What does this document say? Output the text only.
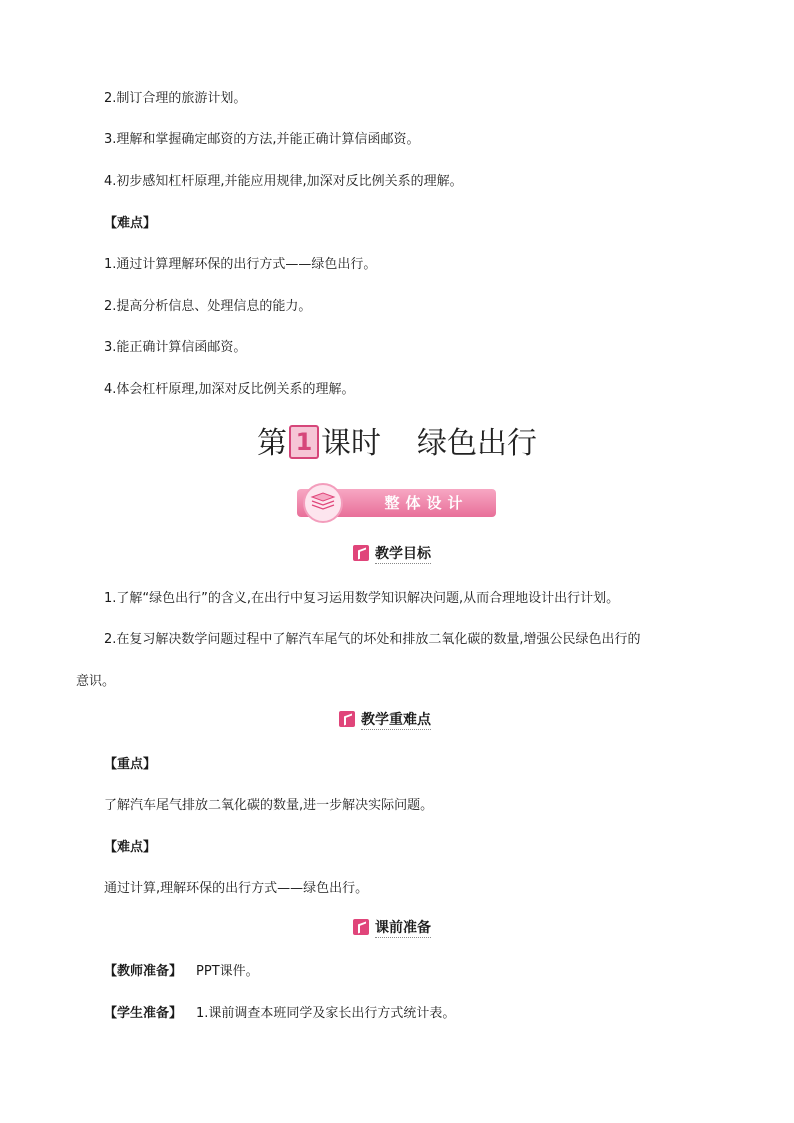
2.制订合理的旅游计划。
3.理解和掌握确定邮资的方法,并能正确计算信函邮资。
4.初步感知杠杆原理,并能应用规律,加深对反比例关系的理解。
【难点】
1.通过计算理解环保的出行方式——绿色出行。
2.提高分析信息、处理信息的能力。
3.能正确计算信函邮资。
4.体会杠杆原理,加深对反比例关系的理解。
第 1 课时 绿色出行
整体设计
教学目标
1.了解“绿色出行”的含义,在出行中复习运用数学知识解决问题,从而合理地设计出行计划。
2.在复习解决数学问题过程中了解汽车尾气的坏处和排放二氧化碳的数量,增强公民绿色出行的
意识。
教学重难点
【重点】
了解汽车尾气排放二氧化碳的数量,进一步解决实际问题。
【难点】
通过计算,理解环保的出行方式——绿色出行。
课前准备
【教师准备】 PPT课件。
【学生准备】 1.课前调查本班同学及家长出行方式统计表。
